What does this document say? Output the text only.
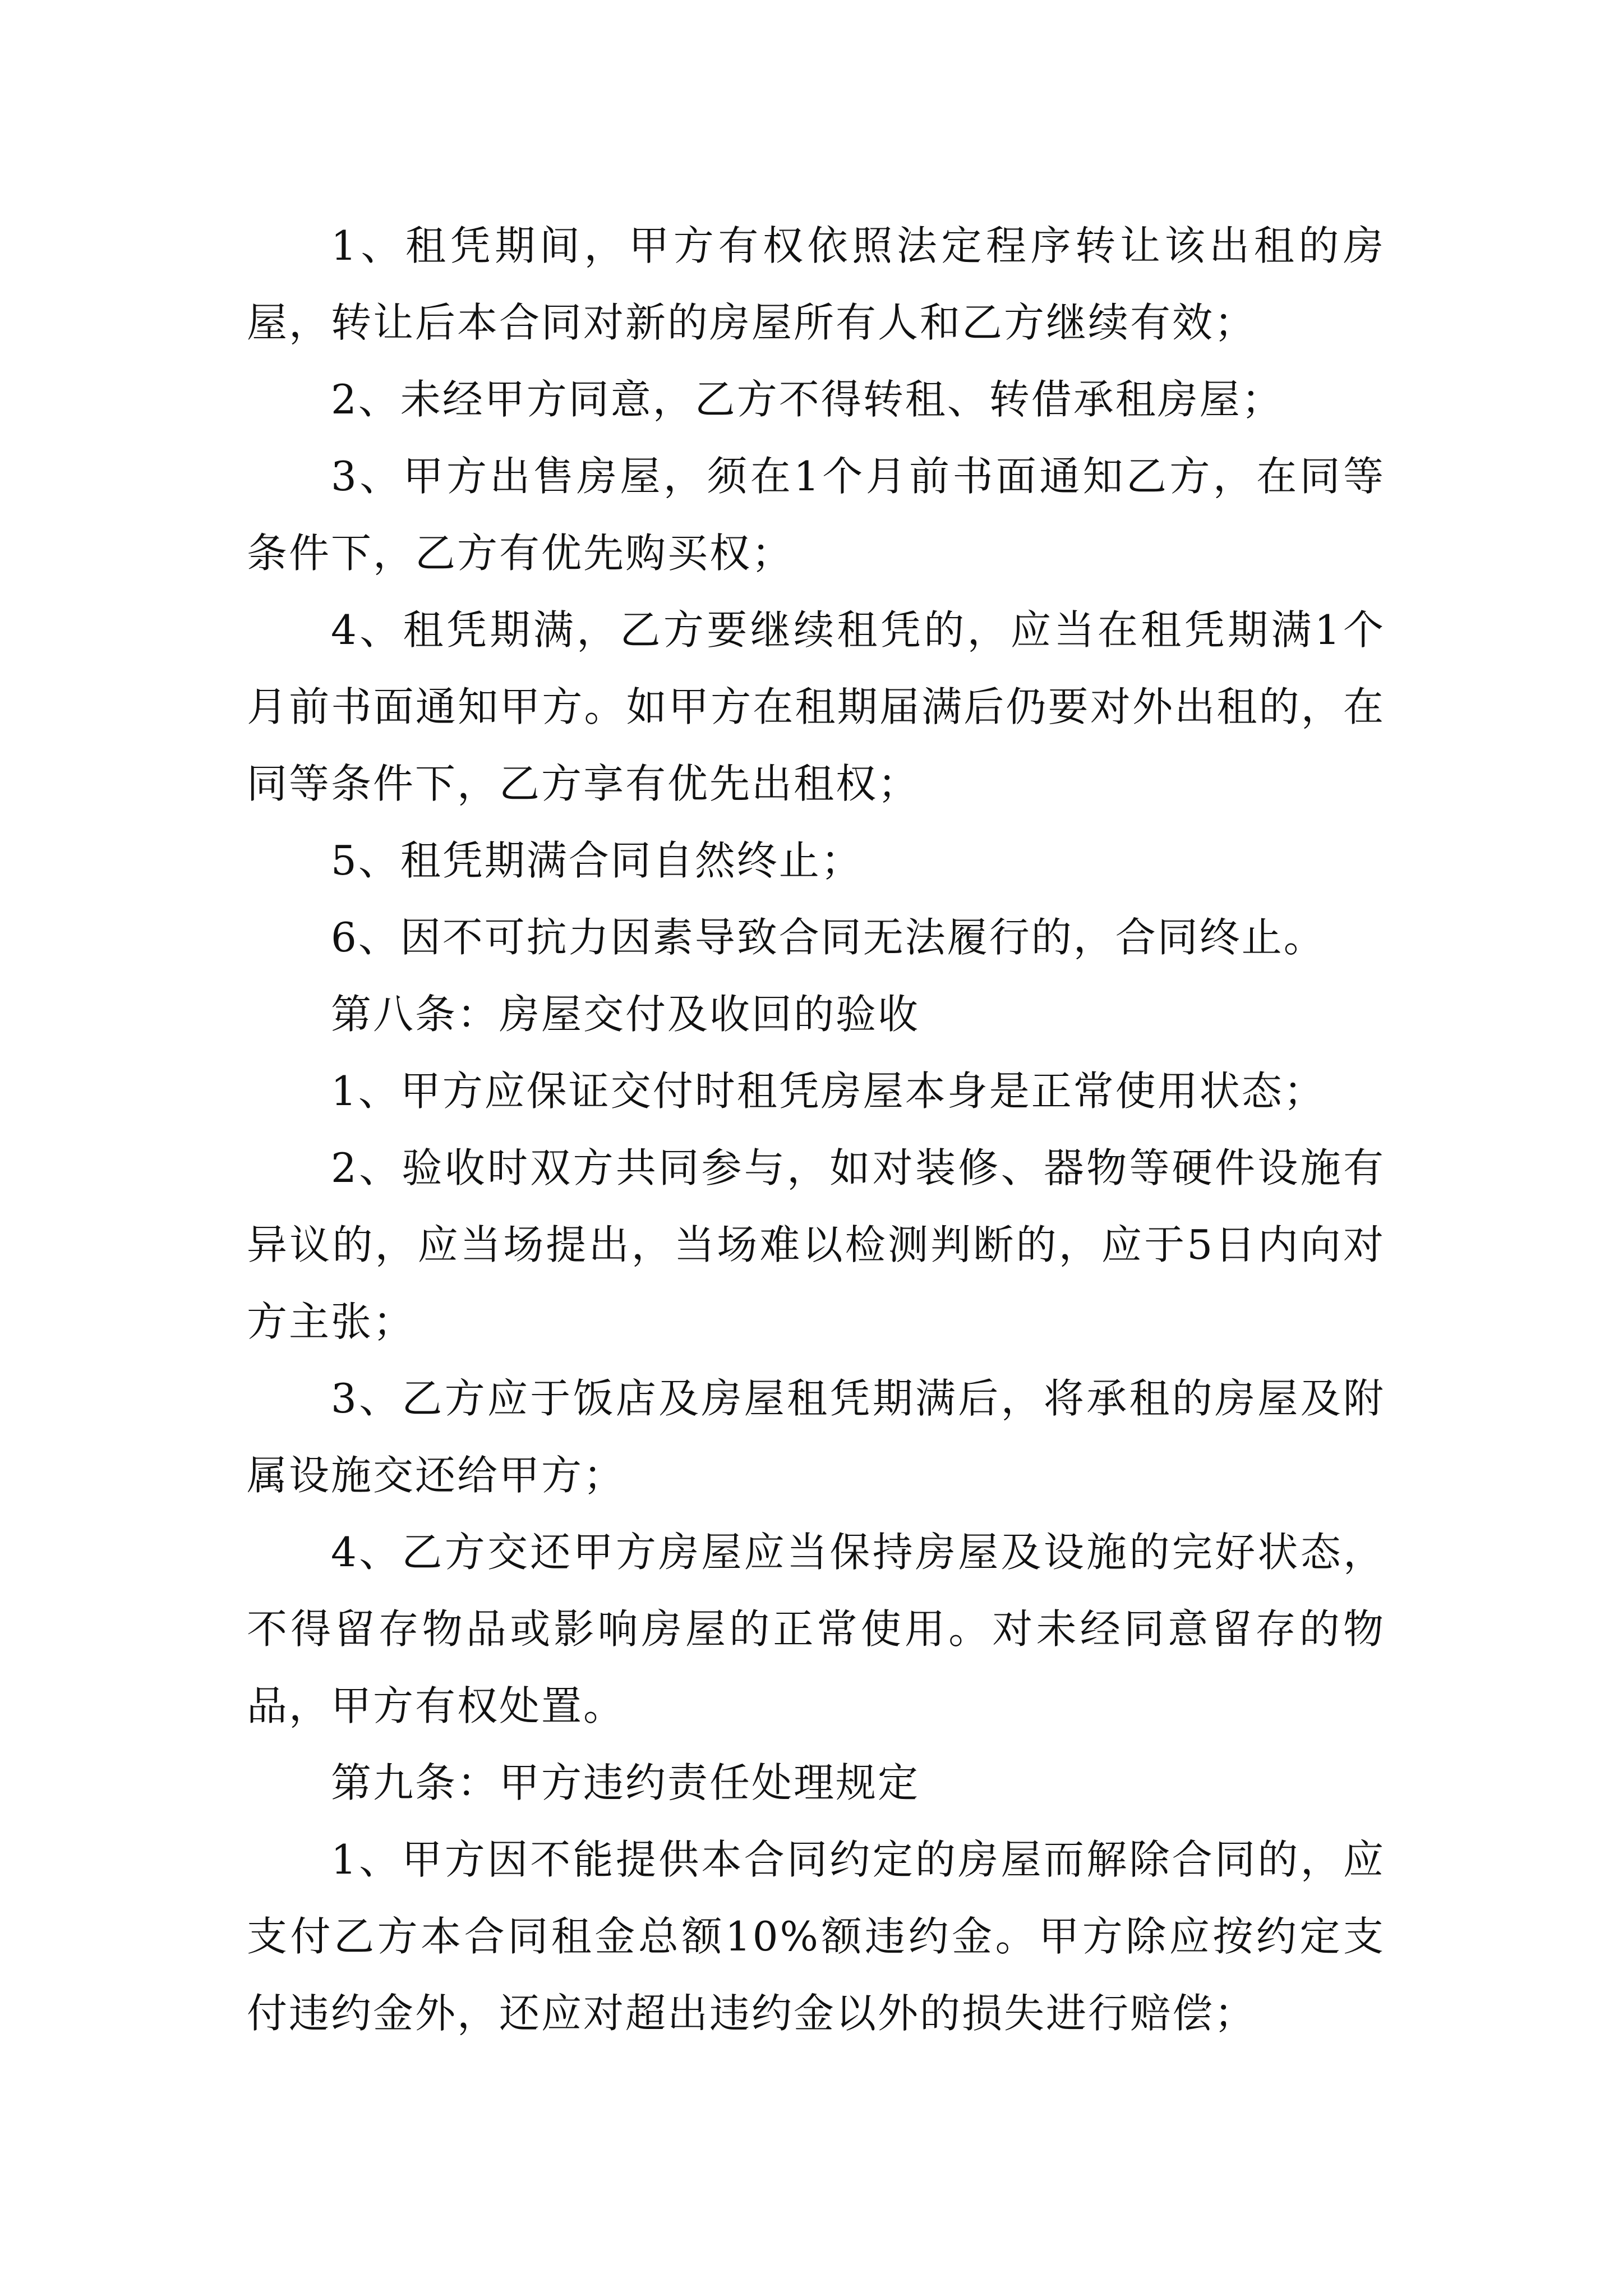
1、租凭期间，甲方有权依照法定程序转让该出租的房屋，转让后本合同对新的房屋所有人和乙方继续有效；

2、未经甲方同意，乙方不得转租、转借承租房屋；

3、甲方出售房屋，须在1个月前书面通知乙方，在同等条件下，乙方有优先购买权；

4、租凭期满，乙方要继续租凭的，应当在租凭期满1个月前书面通知甲方。如甲方在租期届满后仍要对外出租的，在同等条件下，乙方享有优先出租权；

5、租凭期满合同自然终止；

6、因不可抗力因素导致合同无法履行的，合同终止。

第八条：房屋交付及收回的验收

1、甲方应保证交付时租凭房屋本身是正常使用状态；

2、验收时双方共同参与，如对装修、器物等硬件设施有异议的，应当场提出，当场难以检测判断的，应于5日内向对方主张；

3、乙方应于饭店及房屋租凭期满后，将承租的房屋及附属设施交还给甲方；

4、乙方交还甲方房屋应当保持房屋及设施的完好状态，不得留存物品或影响房屋的正常使用。对未经同意留存的物品，甲方有权处置。

第九条：甲方违约责任处理规定

1、甲方因不能提供本合同约定的房屋而解除合同的，应支付乙方本合同租金总额10%额违约金。甲方除应按约定支付违约金外，还应对超出违约金以外的损失进行赔偿；
